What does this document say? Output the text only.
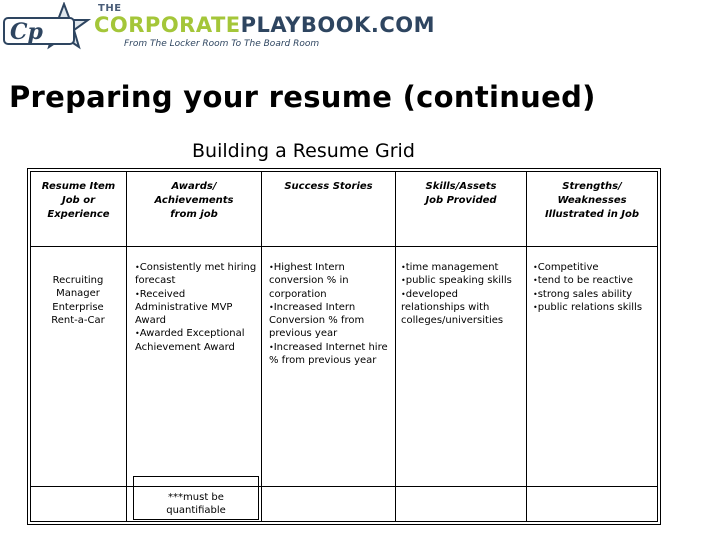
Cp
THE
CORPORATEPLAYBOOK.COM
From The Locker Room To The Board Room
Preparing your resume (continued)
Building a Resume Grid
Resume Item
Job or
Experience
Awards/
Achievements
from job
Success Stories	Skills/Assets
Job Provided
Strengths/
Weaknesses
Illustrated in Job
Recruiting
Manager
Enterprise
Rent-a-Car
•Consistently met hiring forecast
•Received Administrative MVP Award
•Awarded Exceptional Achievement Award
•Highest Intern conversion % in corporation
•Increased Intern Conversion % from previous year
•Increased Internet hire % from previous year
•time management
•public speaking skills
•developed relationships with colleges/universities
•Competitive
•tend to be reactive
•strong sales ability
•public relations skills
***must be
quantifiable
